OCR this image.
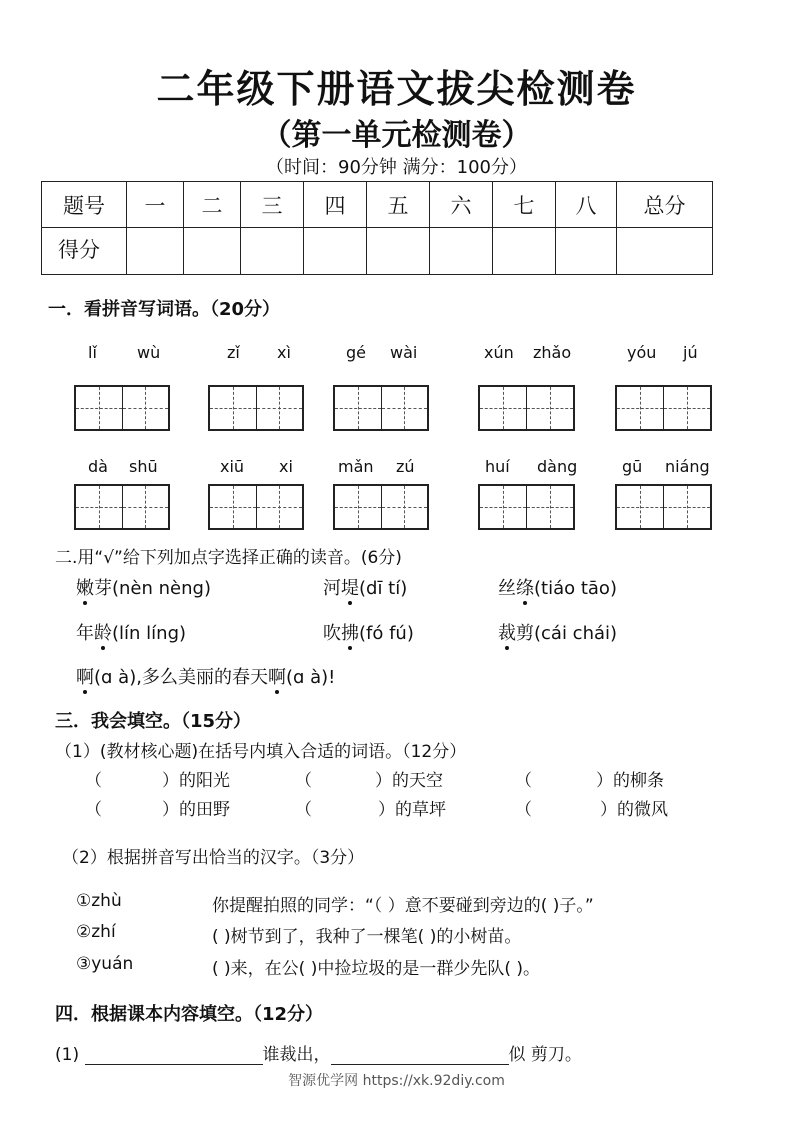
二年级下册语文拔尖检测卷
（第一单元检测卷）
（时间：90分钟 满分：100分）
题号	一	二	三	四	五	六	七	八	总分
得分									
一．看拼音写词语。（20分）
lǐ	wù	zǐ xì	gé wài	xún zhǎo	yóu jú
dà shū	xiū xi	mǎn zú	huí dàng	gū niáng
二.用“√”给下列加点字选择正确的读音。(6分)
嫩芽(nèn nèng)	河堤(dī tí)	丝绦(tiáo tāo)
年龄(lín líng)	吹拂(fó fú)	裁剪(cái chái)
啊(ɑ à),多么美丽的春天啊(ɑ à)!
三．我会填空。（15分）
（1）(教材核心题)在括号内填入合适的词语。（12分）
（	）的阳光	（	）的天空	（	）的柳条
（	）的田野	（	）的草坪	（	）的微风
（2）根据拼音写出恰当的汉字。（3分）
①zhù	你提醒拍照的同学：“（ ）意不要碰到旁边的( )子。”
②zhí	( )树节到了，我种了一棵笔( )的小树苗。
③yuán	( )来，在公( )中捡垃圾的是一群少先队( )。
四．根据课本内容填空。（12分）
(1)	谁裁出，	似 剪刀。
智源优学网 https://xk.92diy.com
